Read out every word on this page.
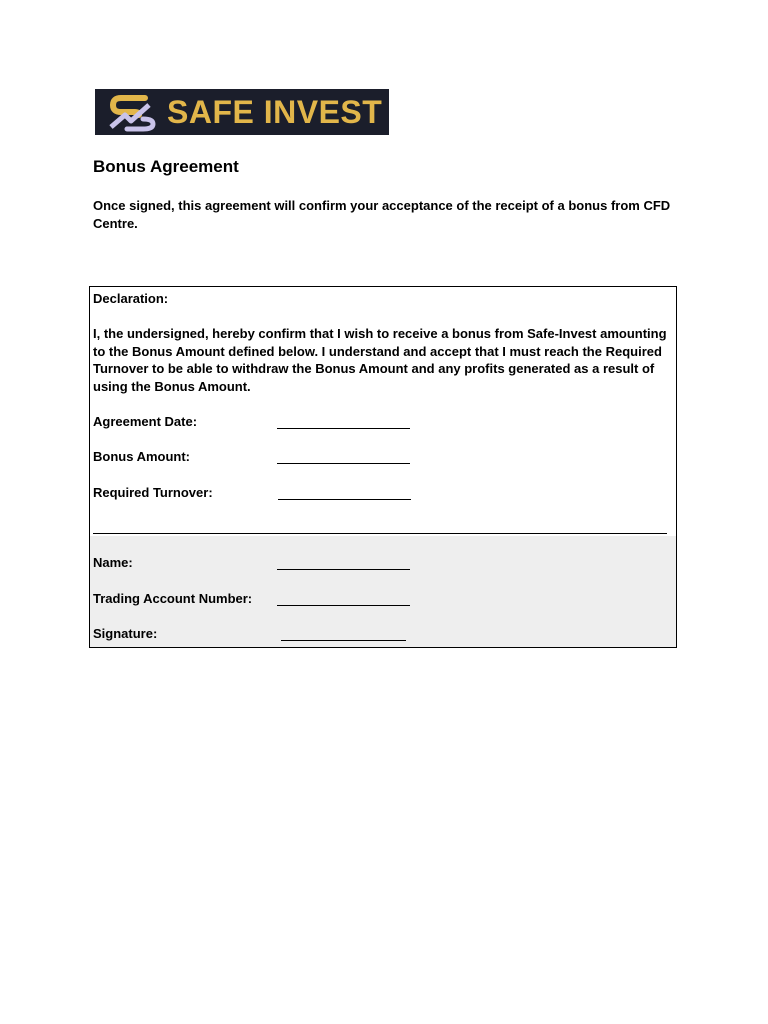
SAFE INVEST
Bonus Agreement
Once signed, this agreement will confirm your acceptance of the receipt of a bonus from CFD Centre.
Declaration:
I, the undersigned, hereby confirm that I wish to receive a bonus from Safe-Invest amounting to the Bonus Amount defined below. I understand and accept that I must reach the Required Turnover to be able to withdraw the Bonus Amount and any profits generated as a result of using the Bonus Amount.
Agreement Date:
Bonus Amount:
Required Turnover:
Name:
Trading Account Number:
Signature:
